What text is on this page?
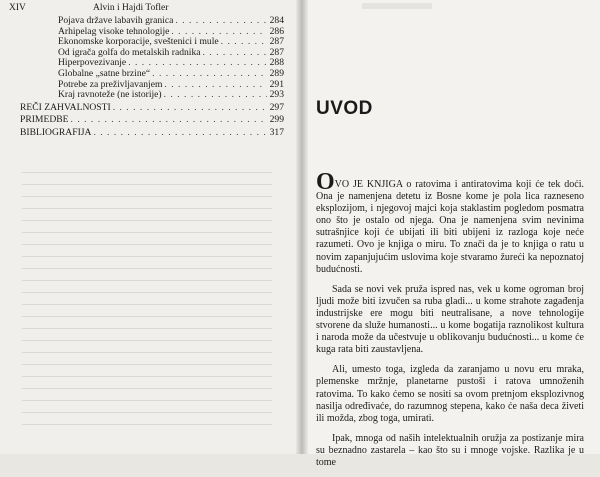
XIV	Alvin i Hajdi Tofler
Pojava države labavih granica . . .	284
Arhipelag visoke tehnologije . . .	286
Ekonomske korporacije, sveštenici i mule . . .	287
Od igrača golfa do metalskih radnika . . .	287
Hiperpovezivanje . . .	288
Globalne „satne brzine“ . . .	289
Potrebe za preživljavanjem . . .	291
Kraj ravnoteže (ne istorije) . . .	293
REČI ZAHVALNOSTI . . .	297
PRIMEDBE . . .	299
BIBLIOGRAFIJA . . .	317
UVOD

OVO JE KNJIGA o ratovima i antiratovima koji će tek doći. Ona je namenjena detetu iz Bosne kome je pola lica razneseno eksplozijom, i njegovoj majci koja staklastim pogledom posmatra ono što je ostalo od njega. Ona je namenjena svim nevinima sutrašnjice koji će ubijati ili biti ubijeni iz razloga koje neće razumeti. Ovo je knjiga o miru. To znači da je to knjiga o ratu u novim zapanjujućim uslovima koje stvaramo žureći ka nepoznatoj budućnosti.

Sada se novi vek pruža ispred nas, vek u kome ogroman broj ljudi može biti izvučen sa ruba gladi... u kome strahote zagađenja industrijske ere mogu biti neutralisane, a nove tehnologije stvorene da služe humanosti... u kome bogatija raznolikost kultura i naroda može da učestvuje u oblikovanju budućnosti... u kome će kuga rata biti zaustavljena.

Ali, umesto toga, izgleda da zaranjamo u novu eru mraka, plemenske mržnje, planetarne pustoši i ratova umnoženih ratovima. To kako ćemo se nositi sa ovom pretnjom eksplozivnog nasilja određivaće, do razumnog stepena, kako će naša deca živeti ili možda, zbog toga, umirati.

Ipak, mnoga od naših intelektualnih oružja za postizanje mira su beznadno zastarela – kao što su i mnoge vojske. Razlika je u tome
